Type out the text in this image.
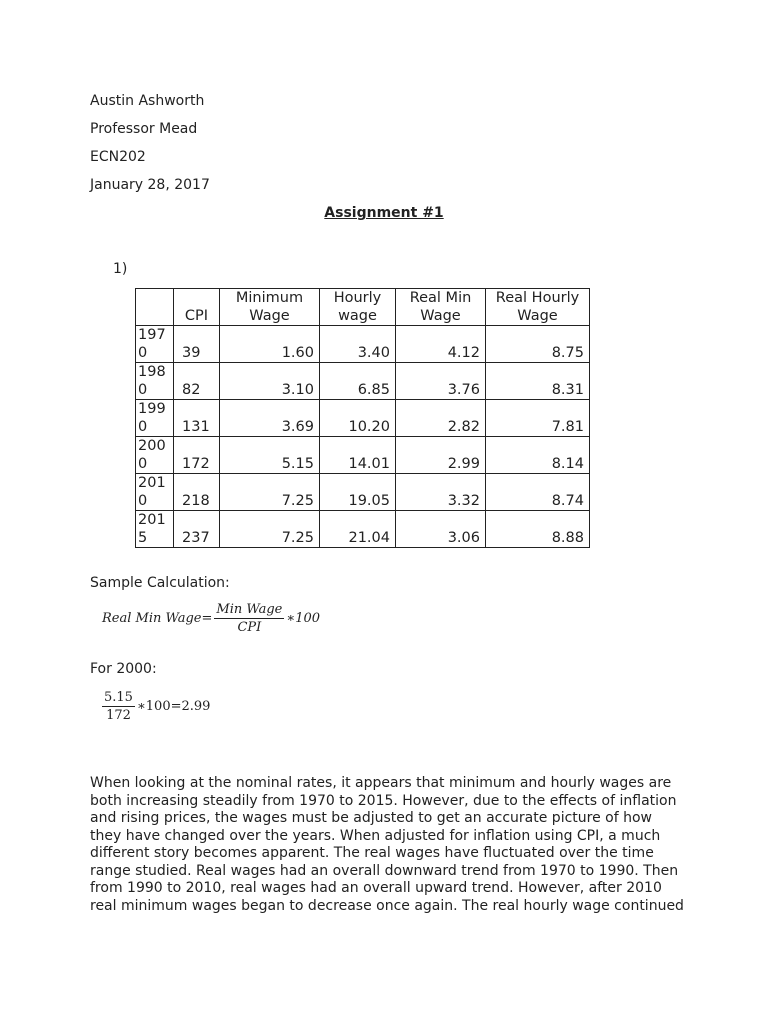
Austin Ashworth
Professor Mead
ECN202
January 28, 2017
Assignment #1
1)
	CPI	Minimum Wage	Hourly wage	Real Min Wage	Real Hourly Wage
1970	39	1.60	3.40	4.12	8.75
1980	82	3.10	6.85	3.76	8.31
1990	131	3.69	10.20	2.82	7.81
2000	172	5.15	14.01	2.99	8.14
2010	218	7.25	19.05	3.32	8.74
2015	237	7.25	21.04	3.06	8.88
Sample Calculation:
Real Min Wage= $\frac{\text{Min Wage}}{\text{CPI}}$ ∗100
For 2000:
$\frac{5.15}{172}$ ∗100=2.99
When looking at the nominal rates, it appears that minimum and hourly wages are
both increasing steadily from 1970 to 2015. However, due to the effects of inflation
and rising prices, the wages must be adjusted to get an accurate picture of how
they have changed over the years. When adjusted for inflation using CPI, a much
different story becomes apparent. The real wages have fluctuated over the time
range studied. Real wages had an overall downward trend from 1970 to 1990. Then
from 1990 to 2010, real wages had an overall upward trend. However, after 2010
real minimum wages began to decrease once again. The real hourly wage continued
